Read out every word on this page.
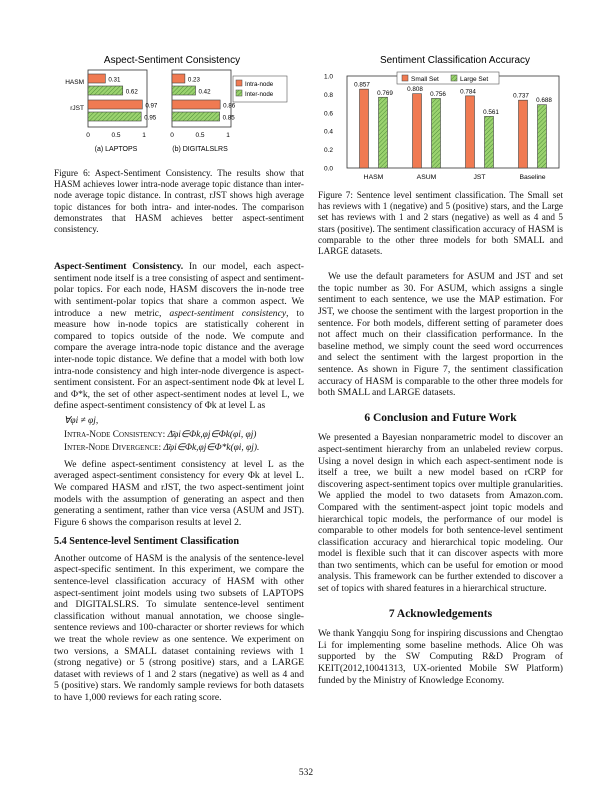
Aspect-Sentiment Consistency
0.31
0.62
HASM
0.97
0.95
rJST
0	0.5	1
(a) LAPTOPS
0.23
0.42
0.86
0.85
0	0.5	1
(b) DIGITALSLRS
Intra-node
Inter-node
Sentiment Classification Accuracy
0.0
0.2
0.4
0.6
0.8
1.0
0.857
0.769
HASM
0.808
0.756
ASUM
0.784
0.561
JST
0.737
0.688
Baseline
Small Set	Large Set

Figure 6: Aspect-Sentiment Consistency. The results show that HASM achieves lower intra-node average topic distance than inter-node average topic distance. In contrast, rJST shows high average topic distances for both intra- and inter-nodes. The comparison demonstrates that HASM achieves better aspect-sentiment consistency.

Aspect-Sentiment Consistency. In our model, each aspect-sentiment node itself is a tree consisting of aspect and sentiment-polar topics. For each node, HASM discovers the in-node tree with sentiment-polar topics that share a common aspect. We introduce a new metric, aspect-sentiment consistency, to measure how in-node topics are statistically coherent in compared to topics outside of the node. We compute and compare the average intra-node topic distance and the average inter-node topic distance. We define that a model with both low intra-node consistency and high inter-node divergence is aspect-sentiment consistent. For an aspect-sentiment node Φk at level L and Φ*k, the set of other aspect-sentiment nodes at level L, we define aspect-sentiment consistency of Φk at level L as

∀φi ≠ φj,
Intra-Node Consistency: Δ̄φi∈Φk,φj∈Φk(φi, φj)
Inter-Node Divergence: Δ̄φi∈Φk,φj∈Φ*k(φi, φj).

We define aspect-sentiment consistency at level L as the averaged aspect-sentiment consistency for every Φk at level L. We compared HASM and rJST, the two aspect-sentiment joint models with the assumption of generating an aspect and then generating a sentiment, rather than vice versa (ASUM and JST). Figure 6 shows the comparison results at level 2.

5.4 Sentence-level Sentiment Classification

Another outcome of HASM is the analysis of the sentence-level aspect-specific sentiment. In this experiment, we compare the sentence-level classification accuracy of HASM with other aspect-sentiment joint models using two subsets of LAPTOPS and DIGITALSLRS. To simulate sentence-level sentiment classification without manual annotation, we choose single-sentence reviews and 100-character or shorter reviews for which we treat the whole review as one sentence. We experiment on two versions, a SMALL dataset containing reviews with 1 (strong negative) or 5 (strong positive) stars, and a LARGE dataset with reviews of 1 and 2 stars (negative) as well as 4 and 5 (positive) stars. We randomly sample reviews for both datasets to have 1,000 reviews for each rating score.

Figure 7: Sentence level sentiment classification. The Small set has reviews with 1 (negative) and 5 (positive) stars, and the Large set has reviews with 1 and 2 stars (negative) as well as 4 and 5 stars (positive). The sentiment classification accuracy of HASM is comparable to the other three models for both SMALL and LARGE datasets.

We use the default parameters for ASUM and JST and set the topic number as 30. For ASUM, which assigns a single sentiment to each sentence, we use the MAP estimation. For JST, we choose the sentiment with the largest proportion in the sentence. For both models, different setting of parameter does not affect much on their classification performance. In the baseline method, we simply count the seed word occurrences and select the sentiment with the largest proportion in the sentence. As shown in Figure 7, the sentiment classification accuracy of HASM is comparable to the other three models for both SMALL and LARGE datasets.

6 Conclusion and Future Work

We presented a Bayesian nonparametric model to discover an aspect-sentiment hierarchy from an unlabeled review corpus. Using a novel design in which each aspect-sentiment node is itself a tree, we built a new model based on rCRP for discovering aspect-sentiment topics over multiple granularities. We applied the model to two datasets from Amazon.com. Compared with the sentiment-aspect joint topic models and hierarchical topic models, the performance of our model is comparable to other models for both sentence-level sentiment classification accuracy and hierarchical topic modeling. Our model is flexible such that it can discover aspects with more than two sentiments, which can be useful for emotion or mood analysis. This framework can be further extended to discover a set of topics with shared features in a hierarchical structure.

7 Acknowledgements

We thank Yangqiu Song for inspiring discussions and Chengtao Li for implementing some baseline methods. Alice Oh was supported by the SW Computing R&D Program of KEIT(2012,10041313, UX-oriented Mobile SW Platform) funded by the Ministry of Knowledge Economy.

532
